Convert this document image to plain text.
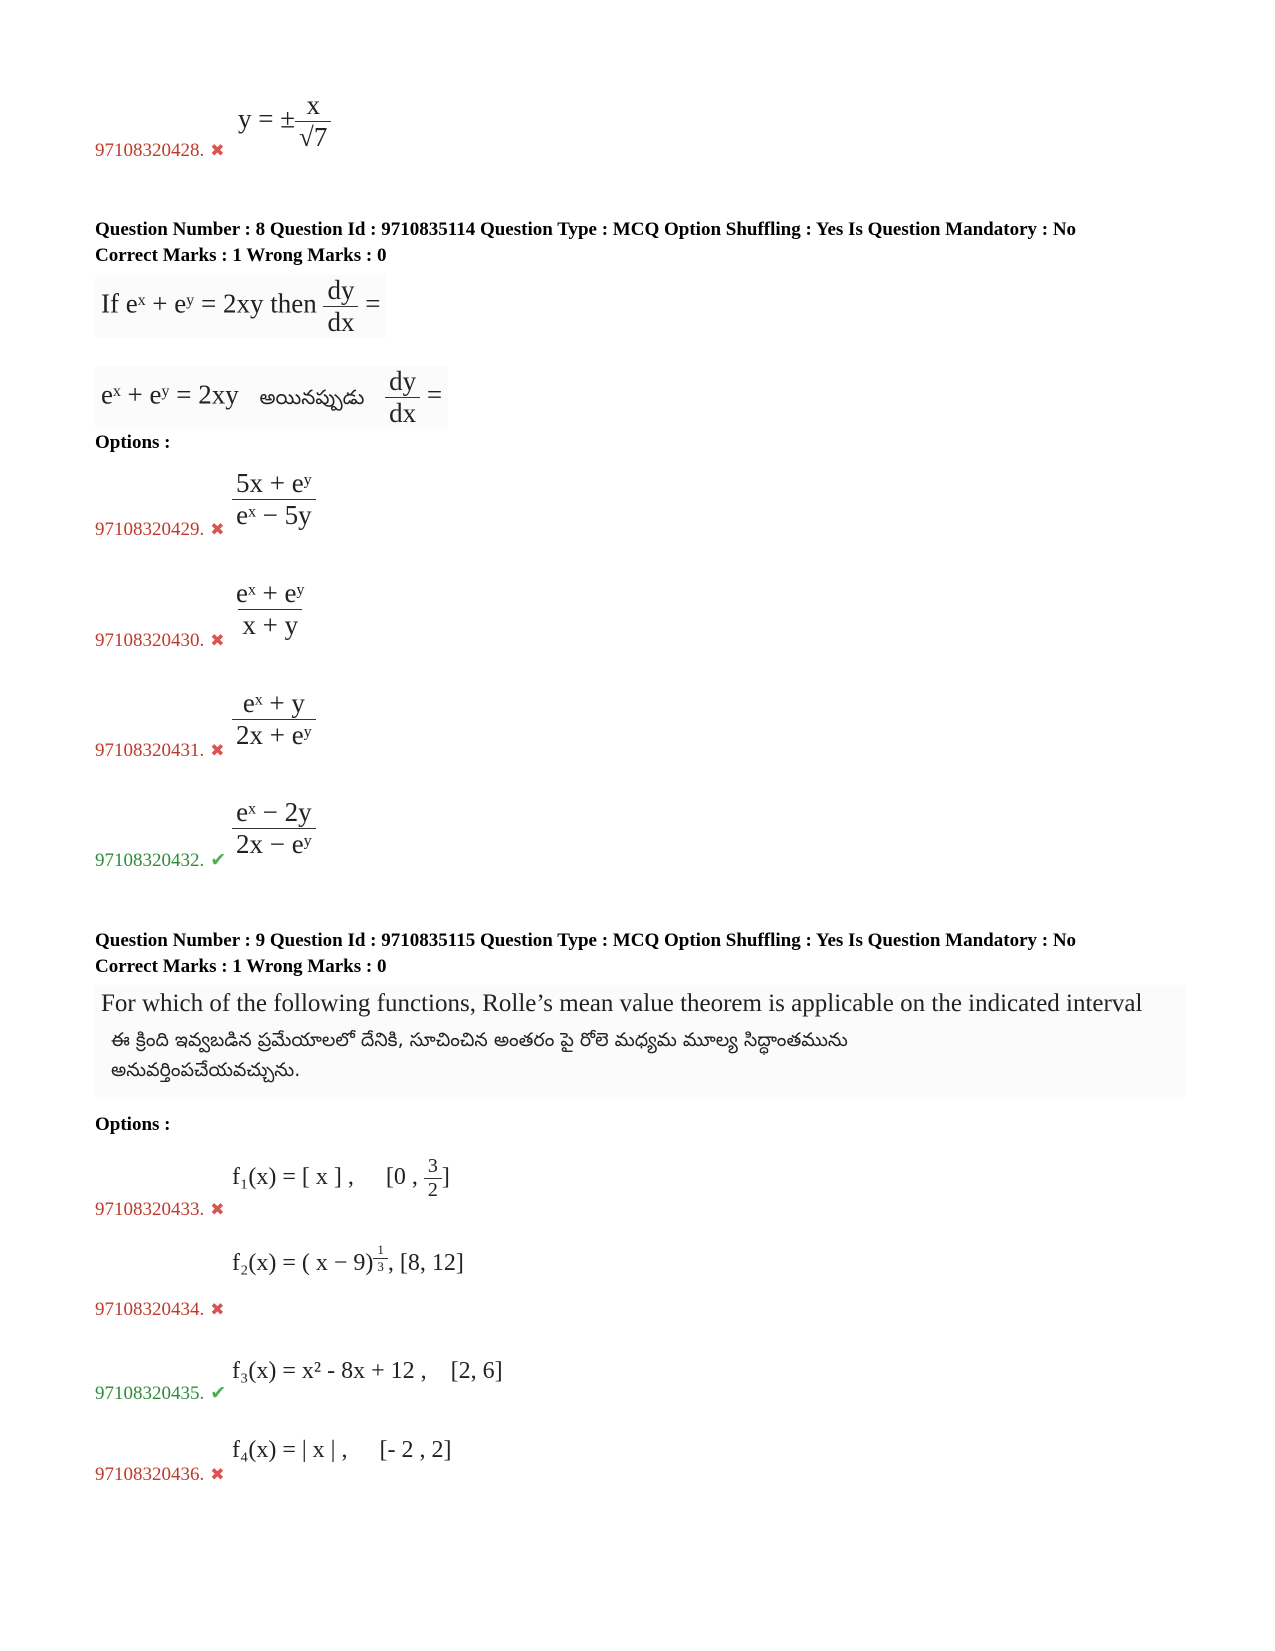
y = ± $\frac{x}{√7}$
97108320428. ✖
Question Number : 8 Question Id : 9710835114 Question Type : MCQ Option Shuffling : Yes Is Question Mandatory : No
Correct Marks : 1 Wrong Marks : 0
If eˣ + eʸ = 2xy then $\frac{dy}{dx}$ =
eˣ + eʸ = 2xy అయినప్పుడు $\frac{dy}{dx}$ =
Options :
$\frac{\text{5x + eʸ}}{\text{eˣ − 5y}}$
97108320429. ✖
$\frac{\text{eˣ + eʸ}}{x + y}$
97108320430. ✖
$\frac{\text{eˣ + y}}{\text{2x + eʸ}}$
97108320431. ✖
$\frac{\text{eˣ − 2y}}{\text{2x − eʸ}}$
97108320432. ✔
Question Number : 9 Question Id : 9710835115 Question Type : MCQ Option Shuffling : Yes Is Question Mandatory : No
Correct Marks : 1 Wrong Marks : 0
For which of the following functions, Rolle’s mean value theorem is applicable on the indicated interval
ఈ క్రింది ఇవ్వబడిన ప్రమేయాలలో దేనికి, సూచించిన అంతరం పై రోలె మధ్యమ మూల్య సిద్ధాంతమును
అనువర్తింపచేయవచ్చును.
Options :
f₁(x) = [ x ] , [0 , $\frac{3}{2}$ ]
97108320433. ✖
f₂(x) = ( $x - 9) \frac{1}{3}$ , [8, 12]
97108320434. ✖
f₃(x) = x² - 8x + 12 , [2, 6]
97108320435. ✔
f₄(x) = | x | , [- 2 , 2]
97108320436. ✖
